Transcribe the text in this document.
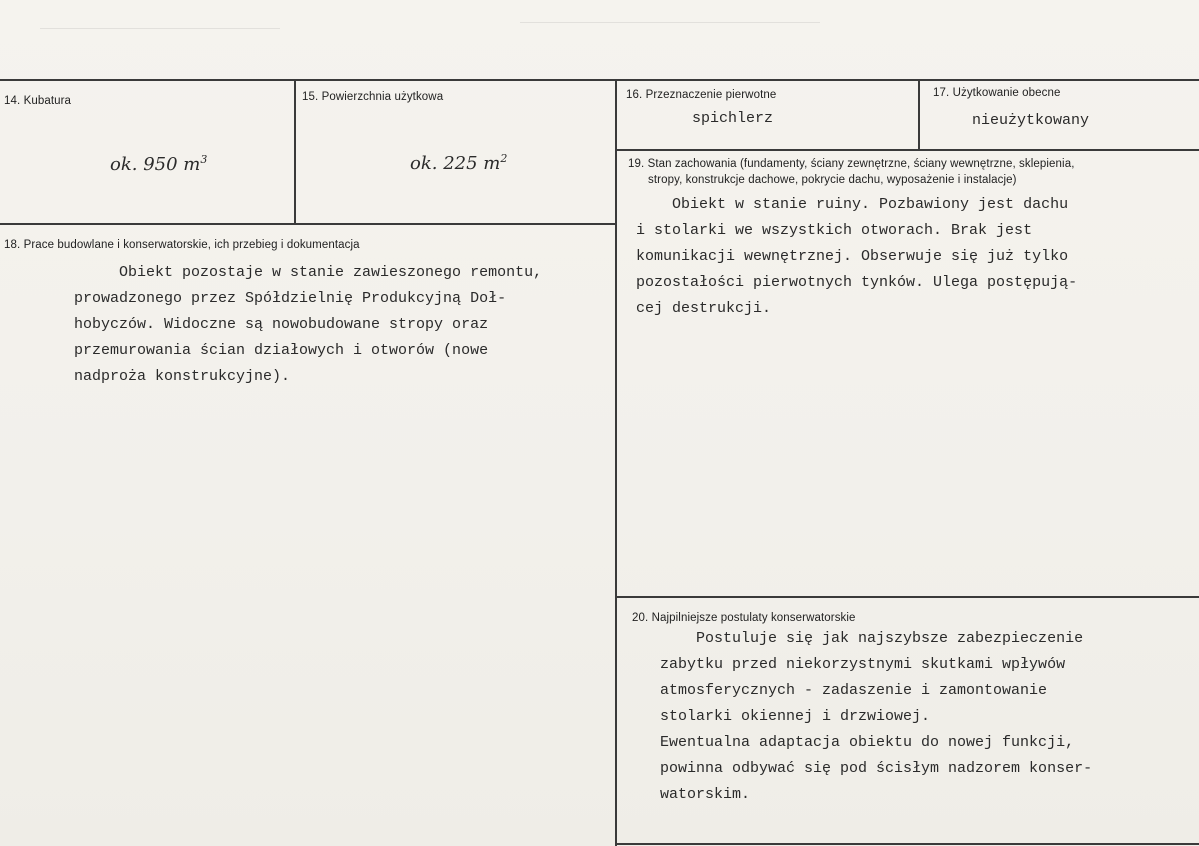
14. Kubatura
ok. 950 $m^3$
15. Powierzchnia użytkowa
ok. 225 $m^2$
16. Przeznaczenie pierwotne
spichlerz
17. Użytkowanie obecne
nieużytkowany
18. Prace budowlane i konserwatorskie, ich przebieg i dokumentacja
Obiekt pozostaje w stanie zawieszonego remontu,
prowadzonego przez Spółdzielnię Produkcyjną Doł-
hobyczów. Widoczne są nowobudowane stropy oraz
przemurowania ścian działowych i otworów (nowe
nadproża konstrukcyjne).
19. Stan zachowania (fundamenty, ściany zewnętrzne, ściany wewnętrzne, sklepienia,
stropy, konstrukcje dachowe, pokrycie dachu, wyposażenie i instalacje)
Obiekt w stanie ruiny. Pozbawiony jest dachu
i stolarki we wszystkich otworach. Brak jest
komunikacji wewnętrznej. Obserwuje się już tylko
pozostałości pierwotnych tynków. Ulega postępują-
cej destrukcji.
20. Najpilniejsze postulaty konserwatorskie
Postuluje się jak najszybsze zabezpieczenie
zabytku przed niekorzystnymi skutkami wpływów
atmosferycznych - zadaszenie i zamontowanie
stolarki okiennej i drzwiowej.
Ewentualna adaptacja obiektu do nowej funkcji,
powinna odbywać się pod ścisłym nadzorem konser-
watorskim.
